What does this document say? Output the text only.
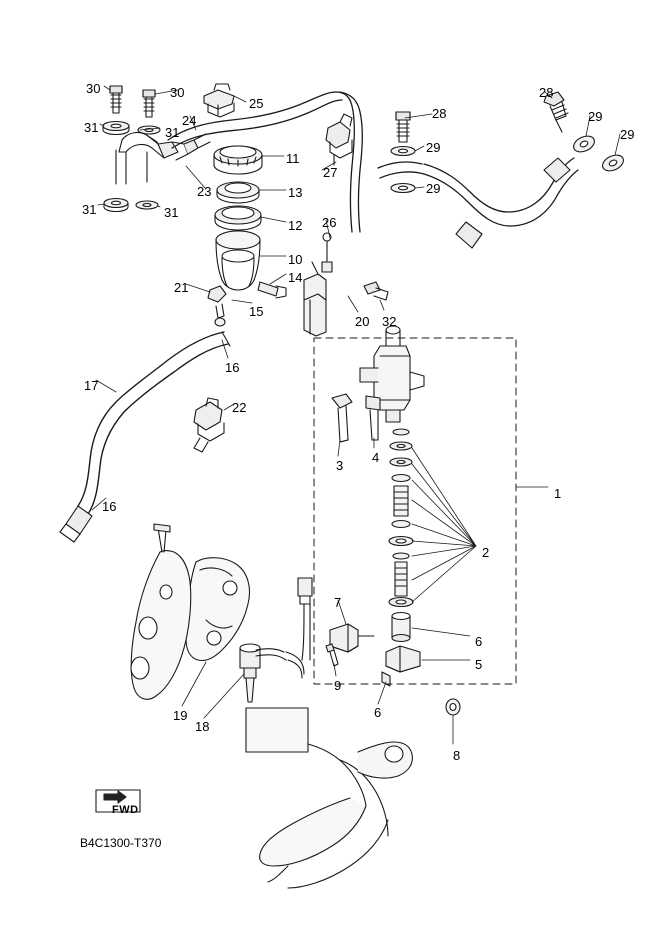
30	30
31	31
24
25
28
28
29
29
29
29
11
27
23
31	31
13
12 26
10
14
21
15
20 32
16
17
22
3
4
1
16
2
7
6
5
9
6
19
18
8
FWD
B4C1300-T370
